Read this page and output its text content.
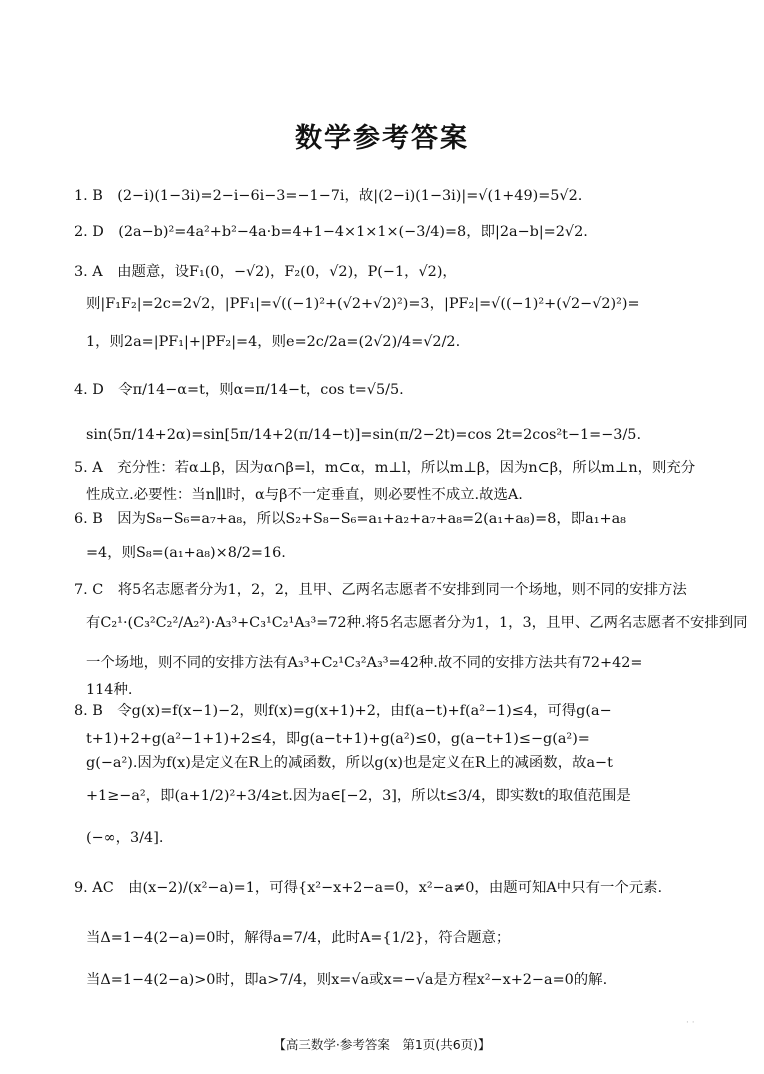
数学参考答案
1. B　(2−i)(1−3i)=2−i−6i−3=−1−7i，故|(2−i)(1−3i)|=√(1+49)=5√2.
2. D　(2a−b)²=4a²+b²−4a·b=4+1−4×1×1×(−3/4)=8，即|2a−b|=2√2.
3. A　由题意，设F₁(0，−√2)，F₂(0，√2)，P(−1，√2)，
则|F₁F₂|=2c=2√2，|PF₁|=√((−1)²+(√2+√2)²)=3，|PF₂|=√((−1)²+(√2−√2)²)=
1，则2a=|PF₁|+|PF₂|=4，则e=2c/2a=(2√2)/4=√2/2.
4. D　令π/14−α=t，则α=π/14−t，cos t=√5/5.
sin(5π/14+2α)=sin[5π/14+2(π/14−t)]=sin(π/2−2t)=cos 2t=2cos²t−1=−3/5.
5. A　充分性：若α⊥β，因为α∩β=l，m⊂α，m⊥l，所以m⊥β，因为n⊂β，所以m⊥n，则充分
性成立.必要性：当n∥l时，α与β不一定垂直，则必要性不成立.故选A.
6. B　因为S₈−S₆=a₇+a₈，所以S₂+S₈−S₆=a₁+a₂+a₇+a₈=2(a₁+a₈)=8，即a₁+a₈
=4，则S₈=(a₁+a₈)×8/2=16.
7. C　将5名志愿者分为1，2，2，且甲、乙两名志愿者不安排到同一个场地，则不同的安排方法
有C₂¹·(C₃²C₂²/A₂²)·A₃³+C₃¹C₂¹A₃³=72种.将5名志愿者分为1，1，3，且甲、乙两名志愿者不安排到同
一个场地，则不同的安排方法有A₃³+C₂¹C₃²A₃³=42种.故不同的安排方法共有72+42=
114种.
8. B　令g(x)=f(x−1)−2，则f(x)=g(x+1)+2，由f(a−t)+f(a²−1)≤4，可得g(a−
t+1)+2+g(a²−1+1)+2≤4，即g(a−t+1)+g(a²)≤0，g(a−t+1)≤−g(a²)=
g(−a²).因为f(x)是定义在R上的减函数，所以g(x)也是定义在R上的减函数，故a−t
+1≥−a²，即(a+1/2)²+3/4≥t.因为a∈[−2，3]，所以t≤3/4，即实数t的取值范围是
(−∞，3/4].
9. AC　由(x−2)/(x²−a)=1，可得{x²−x+2−a=0，x²−a≠0，由题可知A中只有一个元素.
当Δ=1−4(2−a)=0时，解得a=7/4，此时A={1/2}，符合题意；
当Δ=1−4(2−a)>0时，即a>7/4，则x=√a或x=−√a是方程x²−x+2−a=0的解.
【高三数学·参考答案　第1页(共6页)】
· ·
